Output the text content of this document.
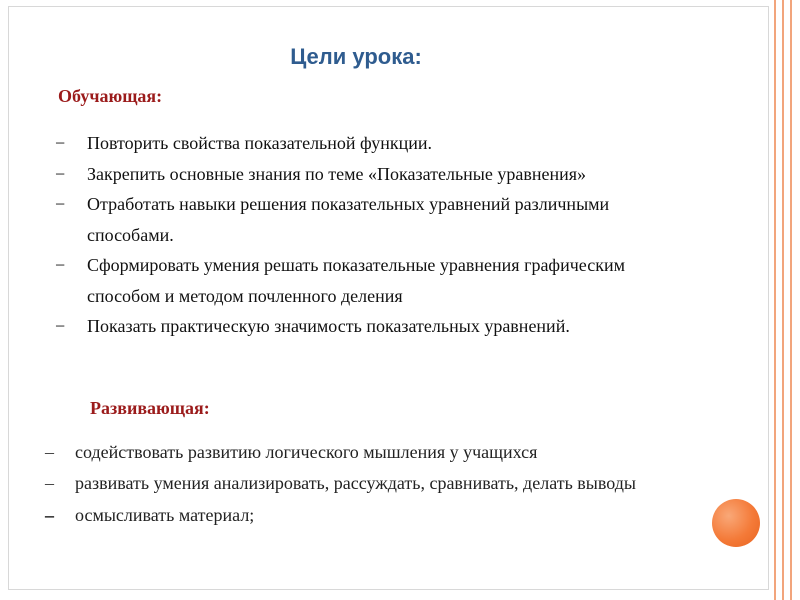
Цели урока:
Обучающая:
− Повторить свойства показательной функции.
− Закрепить основные знания по теме «Показательные уравнения»
− Отработать навыки решения показательных уравнений различными способами.
− Сформировать умения решать показательные уравнения графическим способом и методом почленного деления
− Показать практическую значимость показательных уравнений.
Развивающая:
– содействовать развитию логического мышления у учащихся
– развивать умения анализировать, рассуждать, сравнивать, делать выводы
– осмысливать материал;
